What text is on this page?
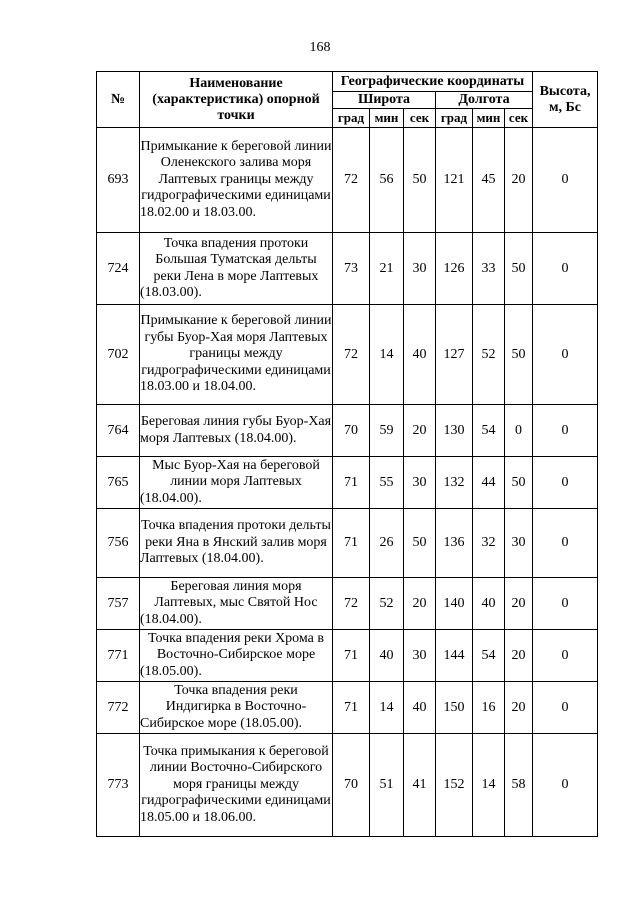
168
№	Наименование (характеристика) опорной точки	Географические координаты						Высота, м, Бс
		Широта			Долгота			
		град	мин	сек	град	мин	сек	
693	Примыкание к береговой линии Оленекского залива моря Лаптевых границы между гидрографическими единицами 18.02.00 и 18.03.00.	72	56	50	121	45	20	0
724	Точка впадения протоки Большая Туматская дельты реки Лена в море Лаптевых (18.03.00).	73	21	30	126	33	50	0
702	Примыкание к береговой линии губы Буор-Хая моря Лаптевых границы между гидрографическими единицами 18.03.00 и 18.04.00.	72	14	40	127	52	50	0
764	Береговая линия губы Буор-Хая моря Лаптевых (18.04.00).	70	59	20	130	54	0	0
765	Мыс Буор-Хая на береговой линии моря Лаптевых (18.04.00).	71	55	30	132	44	50	0
756	Точка впадения протоки дельты реки Яна в Янский залив моря Лаптевых (18.04.00).	71	26	50	136	32	30	0
757	Береговая линия моря Лаптевых, мыс Святой Нос (18.04.00).	72	52	20	140	40	20	0
771	Точка впадения реки Хрома в Восточно-Сибирское море (18.05.00).	71	40	30	144	54	20	0
772	Точка впадения реки Индигирка в Восточно-Сибирское море (18.05.00).	71	14	40	150	16	20	0
773	Точка примыкания к береговой линии Восточно-Сибирского моря границы между гидрографическими единицами 18.05.00 и 18.06.00.	70	51	41	152	14	58	0
